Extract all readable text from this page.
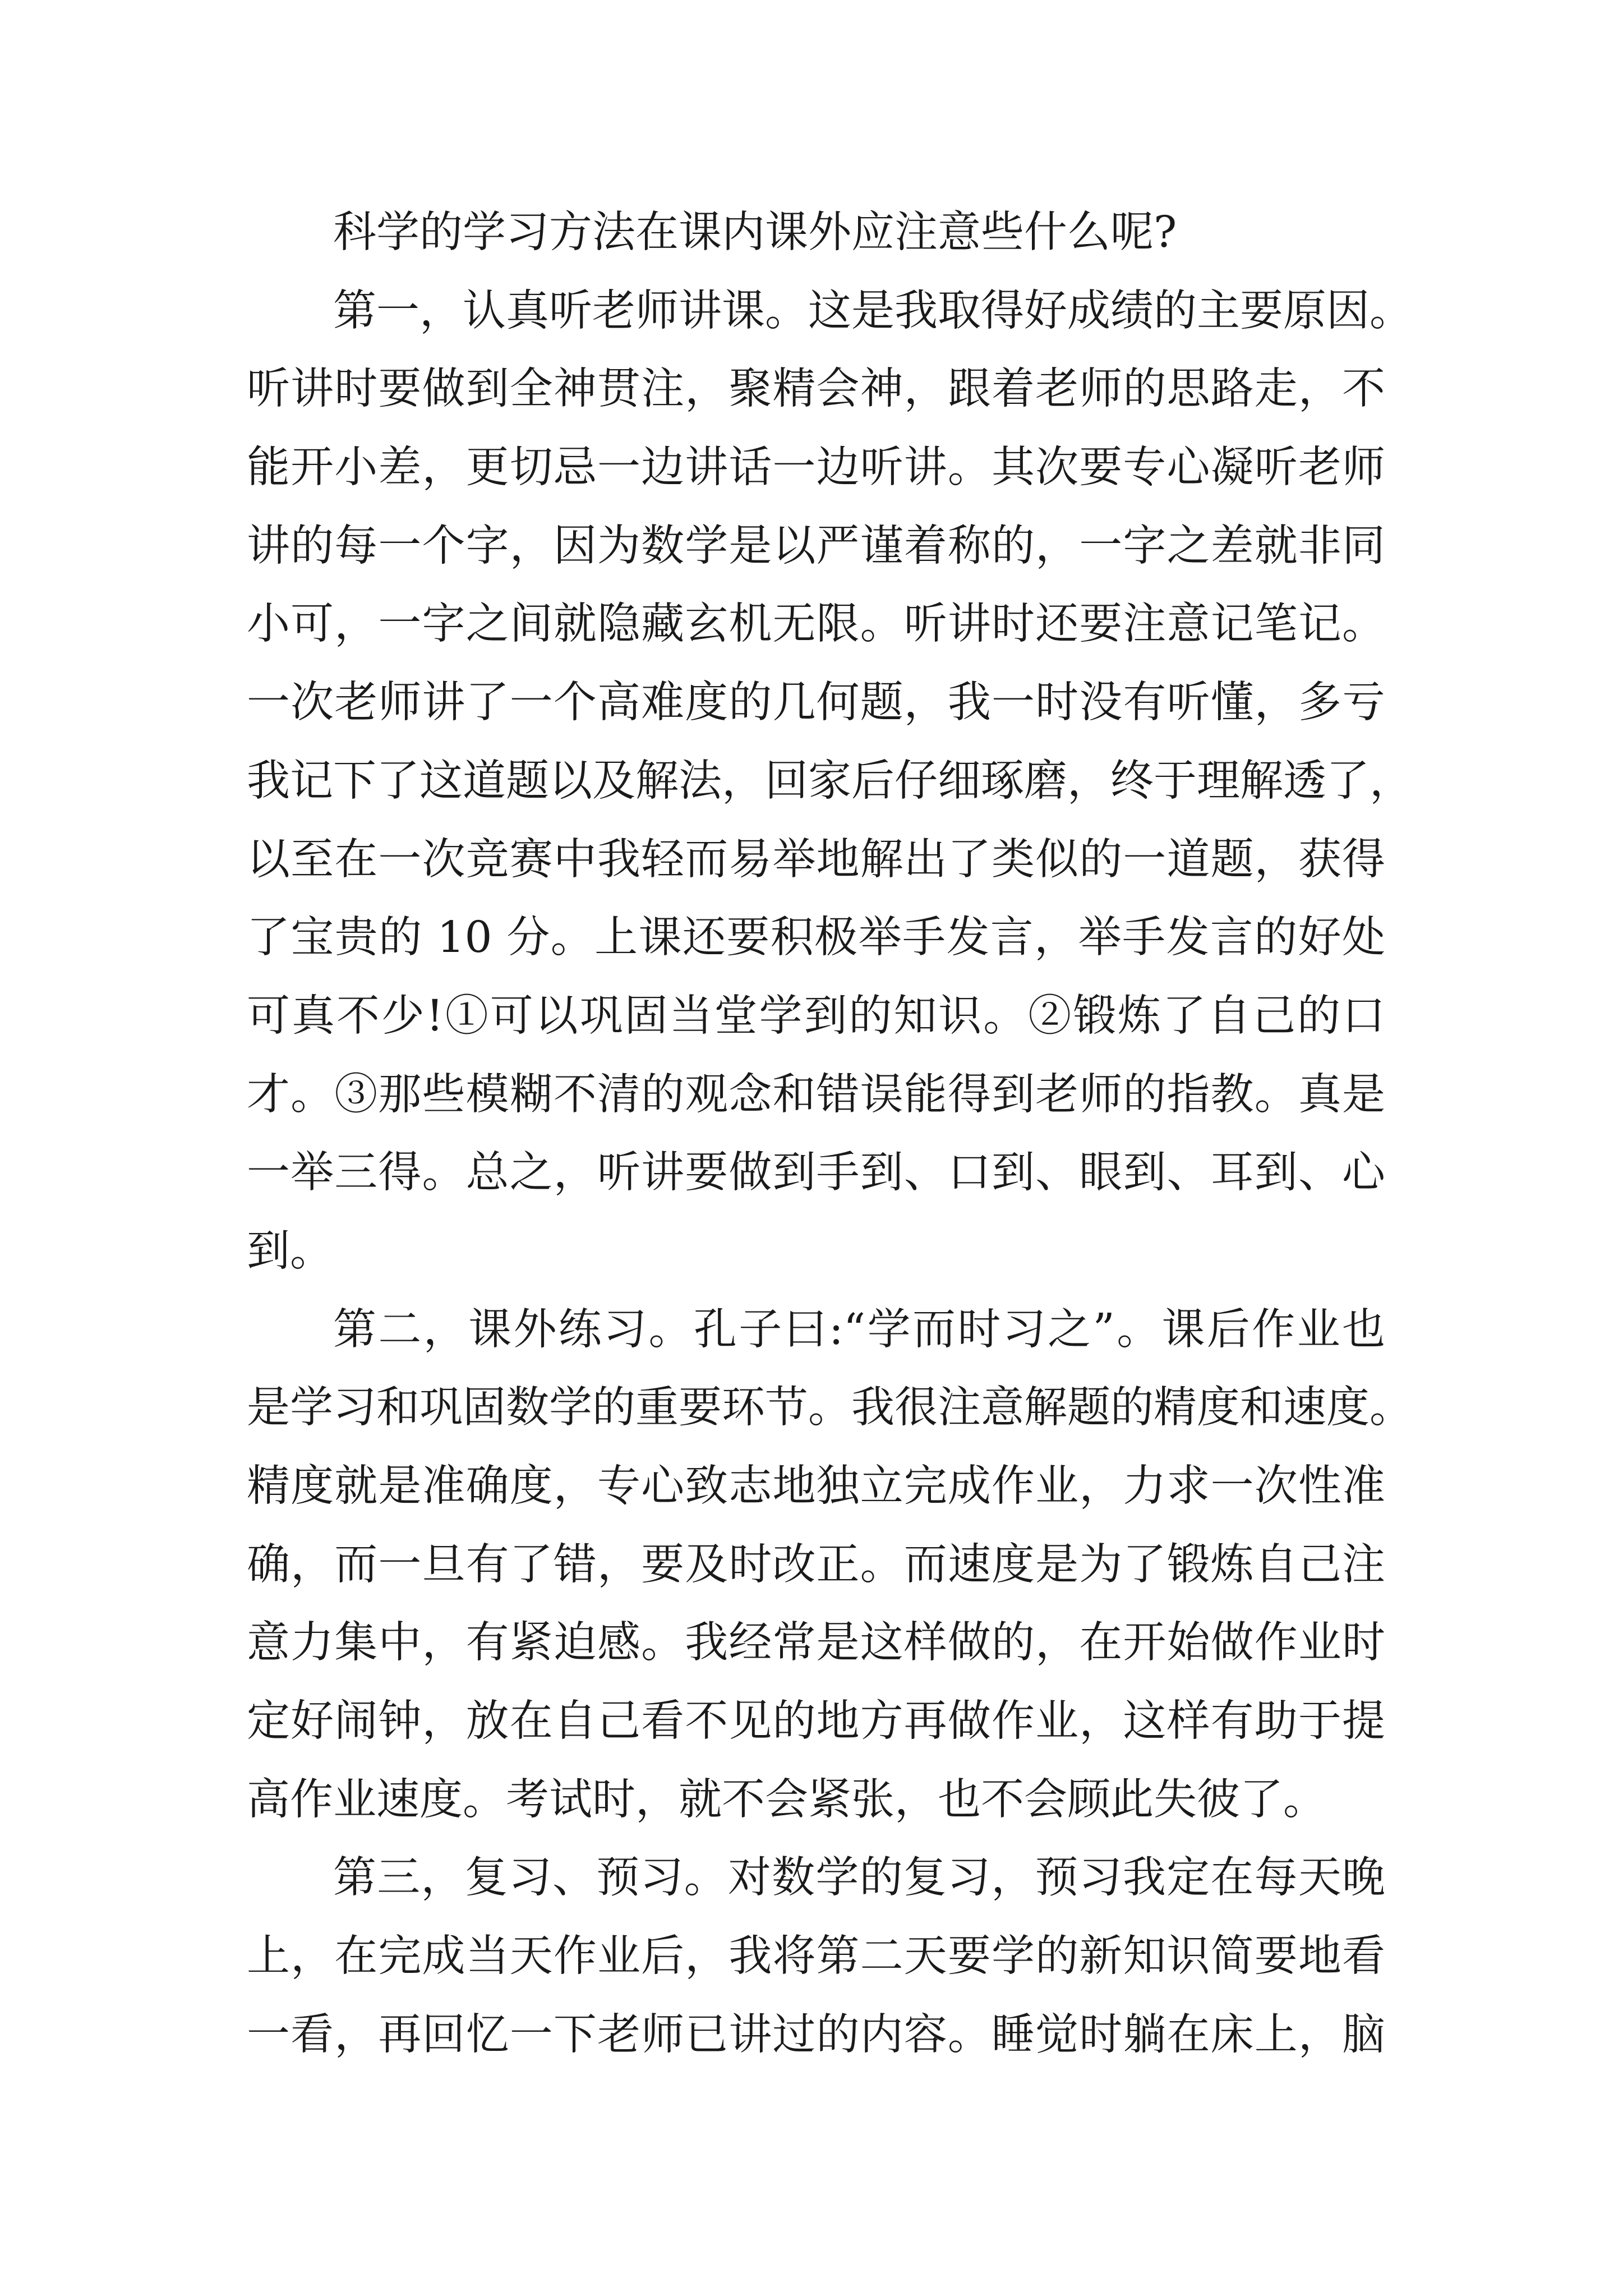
科学的学习方法在课内课外应注意些什么呢?
第一，认真听老师讲课。这是我取得好成绩的主要原因。
听讲时要做到全神贯注，聚精会神，跟着老师的思路走，不
能开小差，更切忌一边讲话一边听讲。其次要专心凝听老师
讲的每一个字，因为数学是以严谨着称的，一字之差就非同
小可，一字之间就隐藏玄机无限。听讲时还要注意记笔记。
一次老师讲了一个高难度的几何题，我一时没有听懂，多亏
我记下了这道题以及解法，回家后仔细琢磨，终于理解透了，
以至在一次竞赛中我轻而易举地解出了类似的一道题，获得
了宝贵的 10 分。上课还要积极举手发言，举手发言的好处
可真不少!①可以巩固当堂学到的知识。②锻炼了自己的口
才。③那些模糊不清的观念和错误能得到老师的指教。真是
一举三得。总之，听讲要做到手到、口到、眼到、耳到、心
到。
第二，课外练习。孔子曰:“学而时习之”。课后作业也
是学习和巩固数学的重要环节。我很注意解题的精度和速度。
精度就是准确度，专心致志地独立完成作业，力求一次性准
确，而一旦有了错，要及时改正。而速度是为了锻炼自己注
意力集中，有紧迫感。我经常是这样做的，在开始做作业时
定好闹钟，放在自己看不见的地方再做作业，这样有助于提
高作业速度。考试时，就不会紧张，也不会顾此失彼了。
第三，复习、预习。对数学的复习，预习我定在每天晚
上，在完成当天作业后，我将第二天要学的新知识简要地看
一看，再回忆一下老师已讲过的内容。睡觉时躺在床上，脑
